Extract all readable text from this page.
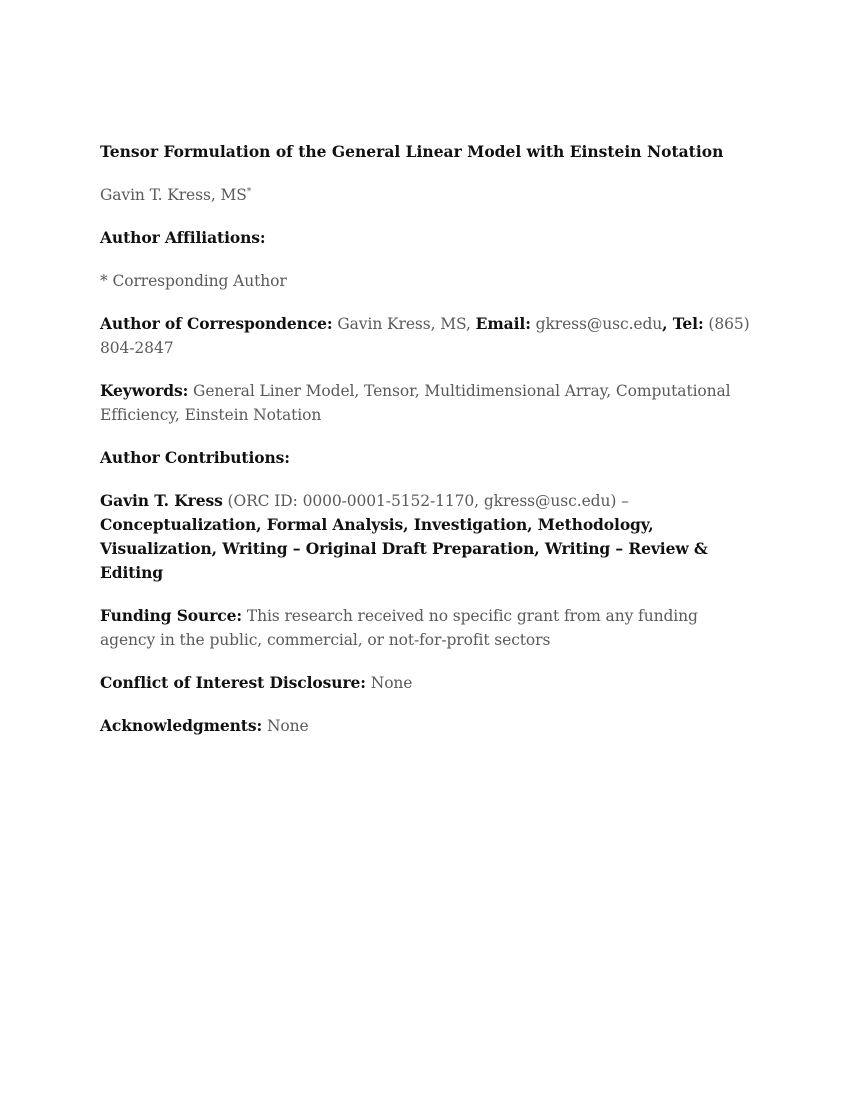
Tensor Formulation of the General Linear Model with Einstein Notation

Gavin T. Kress, MS*

Author Affiliations:

* Corresponding Author

Author of Correspondence: Gavin Kress, MS, Email: gkress@usc.edu, Tel: (865) 804-2847

Keywords: General Liner Model, Tensor, Multidimensional Array, Computational Efficiency, Einstein Notation

Author Contributions:

Gavin T. Kress (ORC ID: 0000-0001-5152-1170, gkress@usc.edu) – Conceptualization, Formal Analysis, Investigation, Methodology, Visualization, Writing – Original Draft Preparation, Writing – Review & Editing

Funding Source: This research received no specific grant from any funding agency in the public, commercial, or not-for-profit sectors

Conflict of Interest Disclosure: None

Acknowledgments: None
